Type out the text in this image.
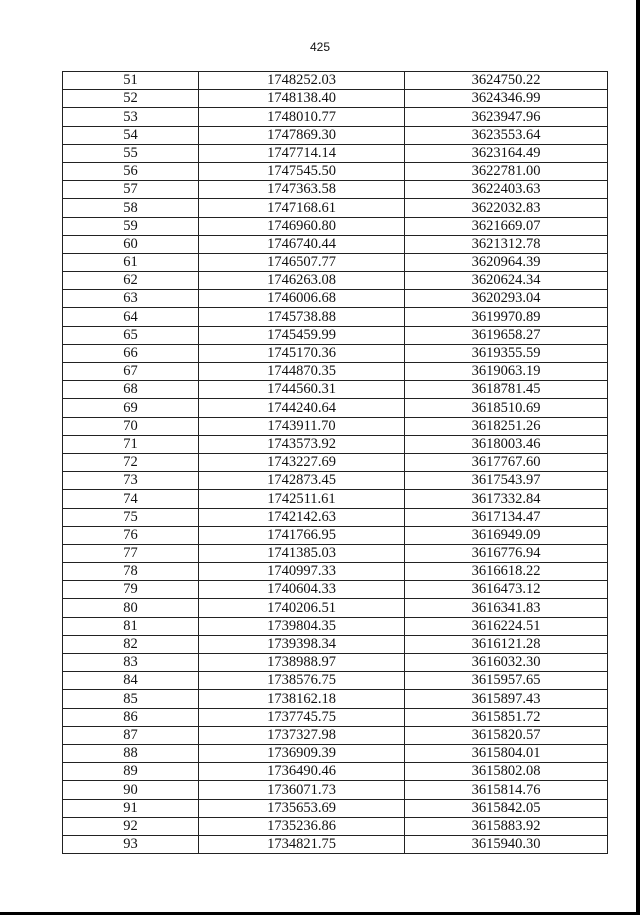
425
51	1748252.03	3624750.22
52	1748138.40	3624346.99
53	1748010.77	3623947.96
54	1747869.30	3623553.64
55	1747714.14	3623164.49
56	1747545.50	3622781.00
57	1747363.58	3622403.63
58	1747168.61	3622032.83
59	1746960.80	3621669.07
60	1746740.44	3621312.78
61	1746507.77	3620964.39
62	1746263.08	3620624.34
63	1746006.68	3620293.04
64	1745738.88	3619970.89
65	1745459.99	3619658.27
66	1745170.36	3619355.59
67	1744870.35	3619063.19
68	1744560.31	3618781.45
69	1744240.64	3618510.69
70	1743911.70	3618251.26
71	1743573.92	3618003.46
72	1743227.69	3617767.60
73	1742873.45	3617543.97
74	1742511.61	3617332.84
75	1742142.63	3617134.47
76	1741766.95	3616949.09
77	1741385.03	3616776.94
78	1740997.33	3616618.22
79	1740604.33	3616473.12
80	1740206.51	3616341.83
81	1739804.35	3616224.51
82	1739398.34	3616121.28
83	1738988.97	3616032.30
84	1738576.75	3615957.65
85	1738162.18	3615897.43
86	1737745.75	3615851.72
87	1737327.98	3615820.57
88	1736909.39	3615804.01
89	1736490.46	3615802.08
90	1736071.73	3615814.76
91	1735653.69	3615842.05
92	1735236.86	3615883.92
93	1734821.75	3615940.30
